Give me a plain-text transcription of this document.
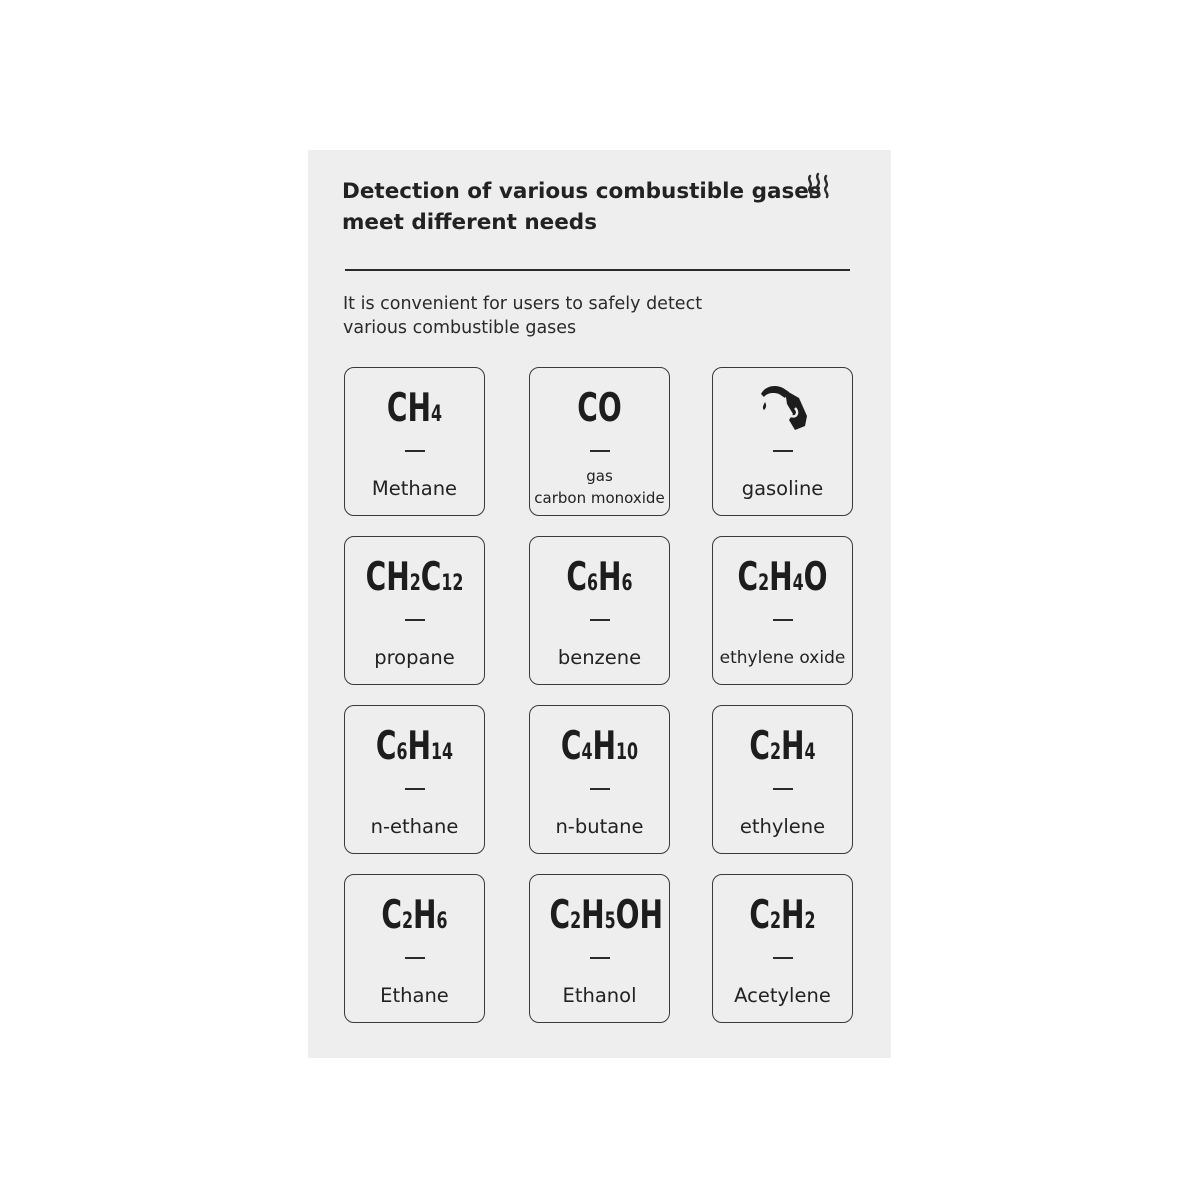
Detection of various combustible gases
meet different needs
It is convenient for users to safely detect
various combustible gases
CH4
Methane
CO
gas
carbon monoxide	gasoline
CH2C12
propane
C6H6
benzene
C2H4O
ethylene oxide
C6H14
n-ethane
C4H10
n-butane
C2H4
ethylene
C2H6
Ethane
C2H5OH
Ethanol
C2H2
Acetylene
